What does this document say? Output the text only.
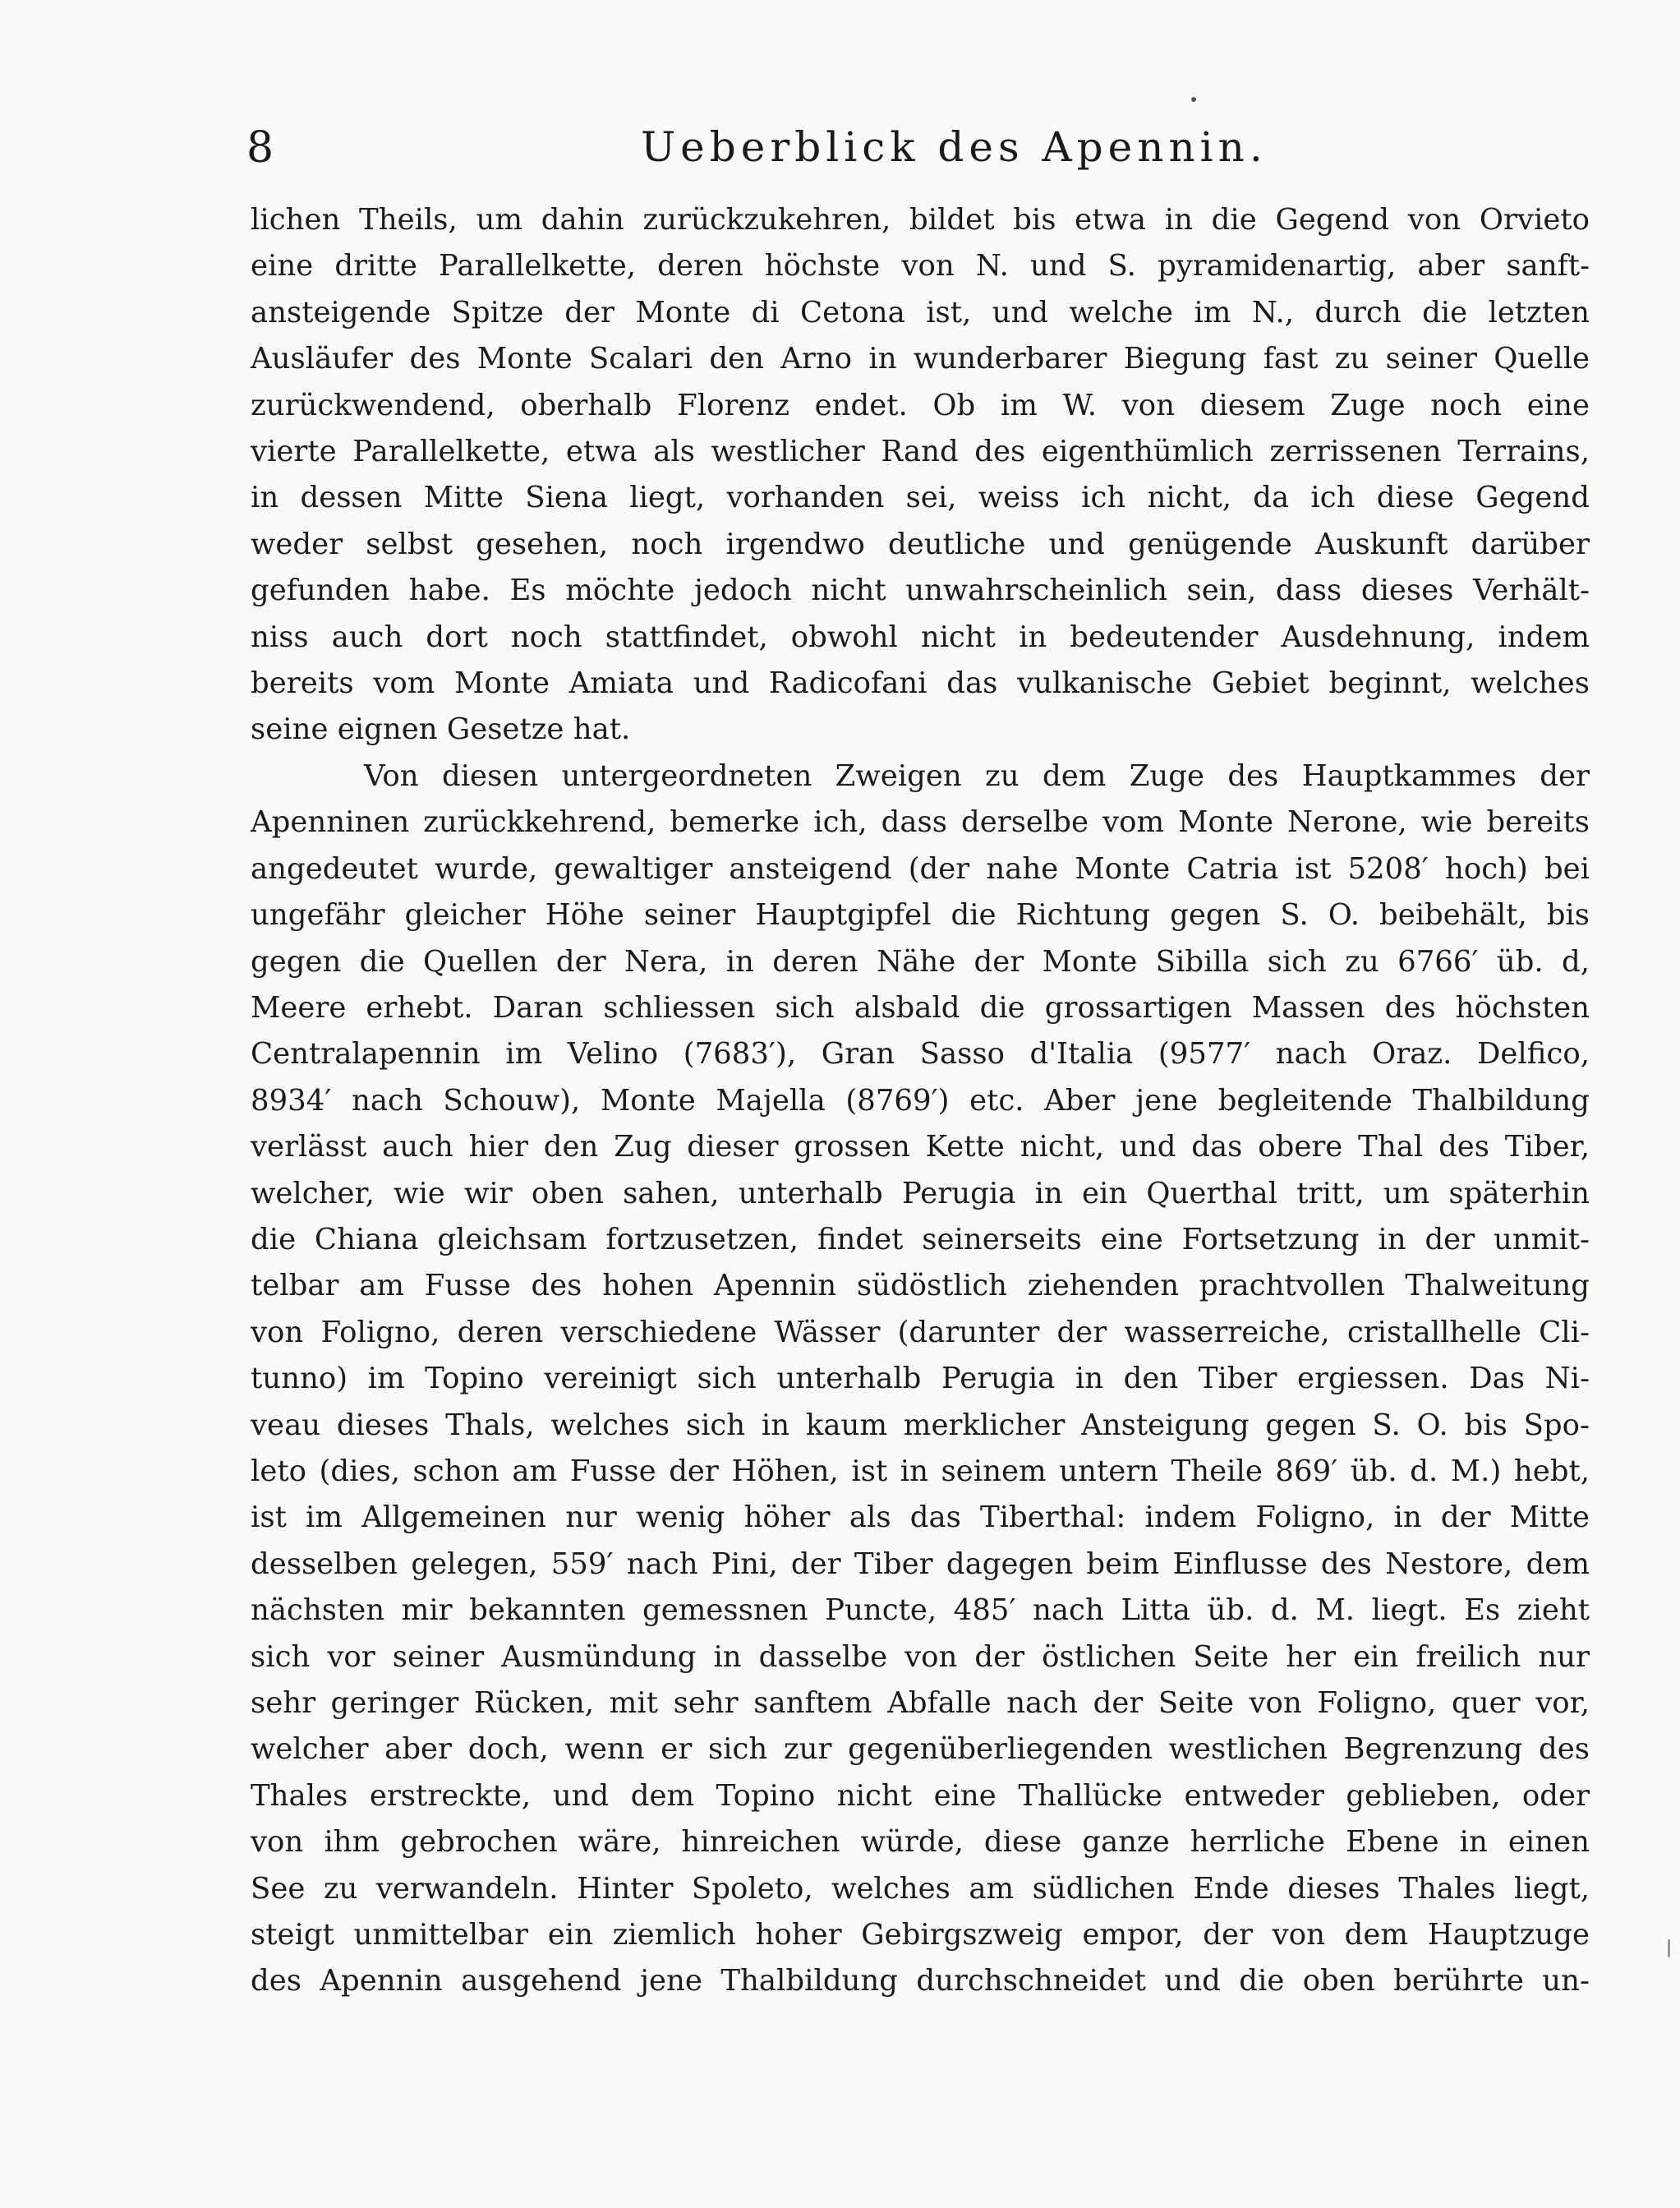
8	Ueberblick des Apennin.
lichen Theils, um dahin zurückzukehren, bildet bis etwa in die Gegend von Orvieto
eine dritte Parallelkette, deren höchste von N. und S. pyramidenartig, aber sanft-
ansteigende Spitze der Monte di Cetona ist, und welche im N., durch die letzten
Ausläufer des Monte Scalari den Arno in wunderbarer Biegung fast zu seiner Quelle
zurückwendend, oberhalb Florenz endet. Ob im W. von diesem Zuge noch eine
vierte Parallelkette, etwa als westlicher Rand des eigenthümlich zerrissenen Terrains,
in dessen Mitte Siena liegt, vorhanden sei, weiss ich nicht, da ich diese Gegend
weder selbst gesehen, noch irgendwo deutliche und genügende Auskunft darüber
gefunden habe. Es möchte jedoch nicht unwahrscheinlich sein, dass dieses Verhält-
niss auch dort noch stattfindet, obwohl nicht in bedeutender Ausdehnung, indem
bereits vom Monte Amiata und Radicofani das vulkanische Gebiet beginnt, welches
seine eignen Gesetze hat.
Von diesen untergeordneten Zweigen zu dem Zuge des Hauptkammes der
Apenninen zurückkehrend, bemerke ich, dass derselbe vom Monte Nerone, wie bereits
angedeutet wurde, gewaltiger ansteigend (der nahe Monte Catria ist 5208′ hoch) bei
ungefähr gleicher Höhe seiner Hauptgipfel die Richtung gegen S. O. beibehält, bis
gegen die Quellen der Nera, in deren Nähe der Monte Sibilla sich zu 6766′ üb. d,
Meere erhebt. Daran schliessen sich alsbald die grossartigen Massen des höchsten
Centralapennin im Velino (7683′), Gran Sasso d'Italia (9577′ nach Oraz. Delfico,
8934′ nach Schouw), Monte Majella (8769′) etc. Aber jene begleitende Thalbildung
verlässt auch hier den Zug dieser grossen Kette nicht, und das obere Thal des Tiber,
welcher, wie wir oben sahen, unterhalb Perugia in ein Querthal tritt, um späterhin
die Chiana gleichsam fortzusetzen, findet seinerseits eine Fortsetzung in der unmit-
telbar am Fusse des hohen Apennin südöstlich ziehenden prachtvollen Thalweitung
von Foligno, deren verschiedene Wässer (darunter der wasserreiche, cristallhelle Cli-
tunno) im Topino vereinigt sich unterhalb Perugia in den Tiber ergiessen. Das Ni-
veau dieses Thals, welches sich in kaum merklicher Ansteigung gegen S. O. bis Spo-
leto (dies, schon am Fusse der Höhen, ist in seinem untern Theile 869′ üb. d. M.) hebt,
ist im Allgemeinen nur wenig höher als das Tiberthal: indem Foligno, in der Mitte
desselben gelegen, 559′ nach Pini, der Tiber dagegen beim Einflusse des Nestore, dem
nächsten mir bekannten gemessnen Puncte, 485′ nach Litta üb. d. M. liegt. Es zieht
sich vor seiner Ausmündung in dasselbe von der östlichen Seite her ein freilich nur
sehr geringer Rücken, mit sehr sanftem Abfalle nach der Seite von Foligno, quer vor,
welcher aber doch, wenn er sich zur gegenüberliegenden westlichen Begrenzung des
Thales erstreckte, und dem Topino nicht eine Thallücke entweder geblieben, oder
von ihm gebrochen wäre, hinreichen würde, diese ganze herrliche Ebene in einen
See zu verwandeln. Hinter Spoleto, welches am südlichen Ende dieses Thales liegt,
steigt unmittelbar ein ziemlich hoher Gebirgszweig empor, der von dem Hauptzuge
des Apennin ausgehend jene Thalbildung durchschneidet und die oben berührte un-
